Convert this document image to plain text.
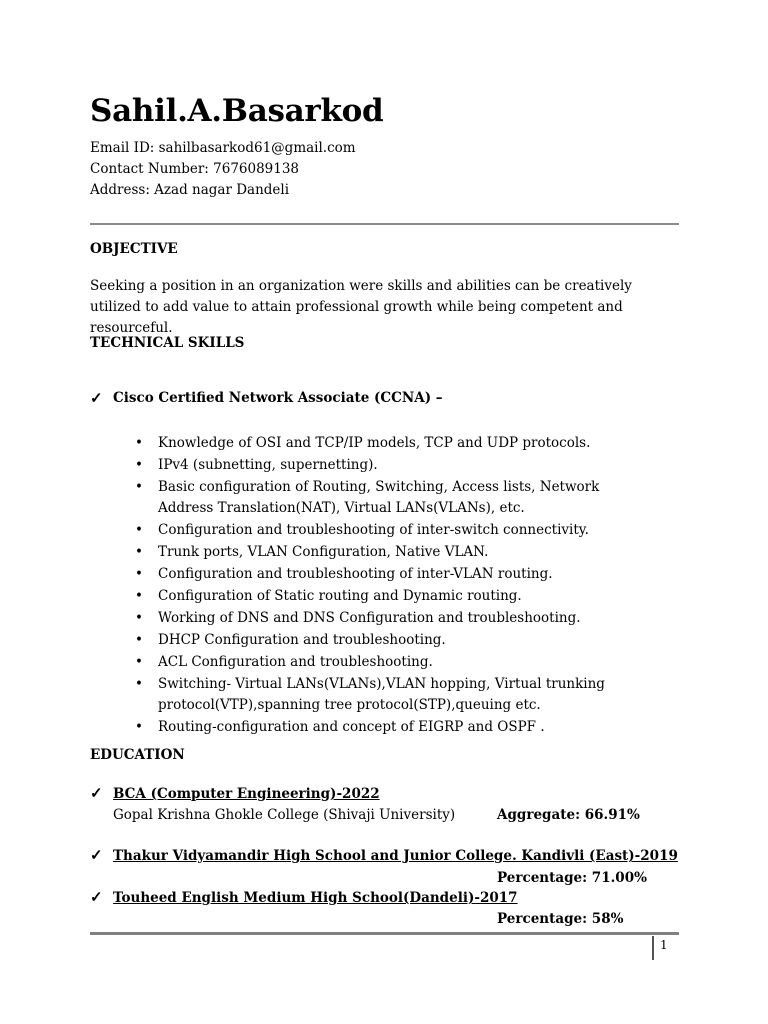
Sahil.A.Basarkod
Email ID: sahilbasarkod61@gmail.com
Contact Number: 7676089138
Address: Azad nagar Dandeli
OBJECTIVE
Seeking a position in an organization were skills and abilities can be creatively utilized to add value to attain professional growth while being competent and resourceful.
TECHNICAL SKILLS
✓ Cisco Certified Network Associate (CCNA) –
• Knowledge of OSI and TCP/IP models, TCP and UDP protocols.
• IPv4 (subnetting, supernetting).
• Basic configuration of Routing, Switching, Access lists, Network Address Translation(NAT), Virtual LANs(VLANs), etc.
• Configuration and troubleshooting of inter-switch connectivity.
• Trunk ports, VLAN Configuration, Native VLAN.
• Configuration and troubleshooting of inter-VLAN routing.
• Configuration of Static routing and Dynamic routing.
• Working of DNS and DNS Configuration and troubleshooting.
• DHCP Configuration and troubleshooting.
• ACL Configuration and troubleshooting.
• Switching- Virtual LANs(VLANs),VLAN hopping, Virtual trunking protocol(VTP),spanning tree protocol(STP),queuing etc.
• Routing-configuration and concept of EIGRP and OSPF .
EDUCATION
✓ BCA (Computer Engineering)-2022
Gopal Krishna Ghokle College (Shivaji University)	Aggregate: 66.91%
✓ Thakur Vidyamandir High School and Junior College. Kandivli (East)-2019
Percentage: 71.00%
✓ Touheed English Medium High School(Dandeli)-2017
Percentage: 58%
1
